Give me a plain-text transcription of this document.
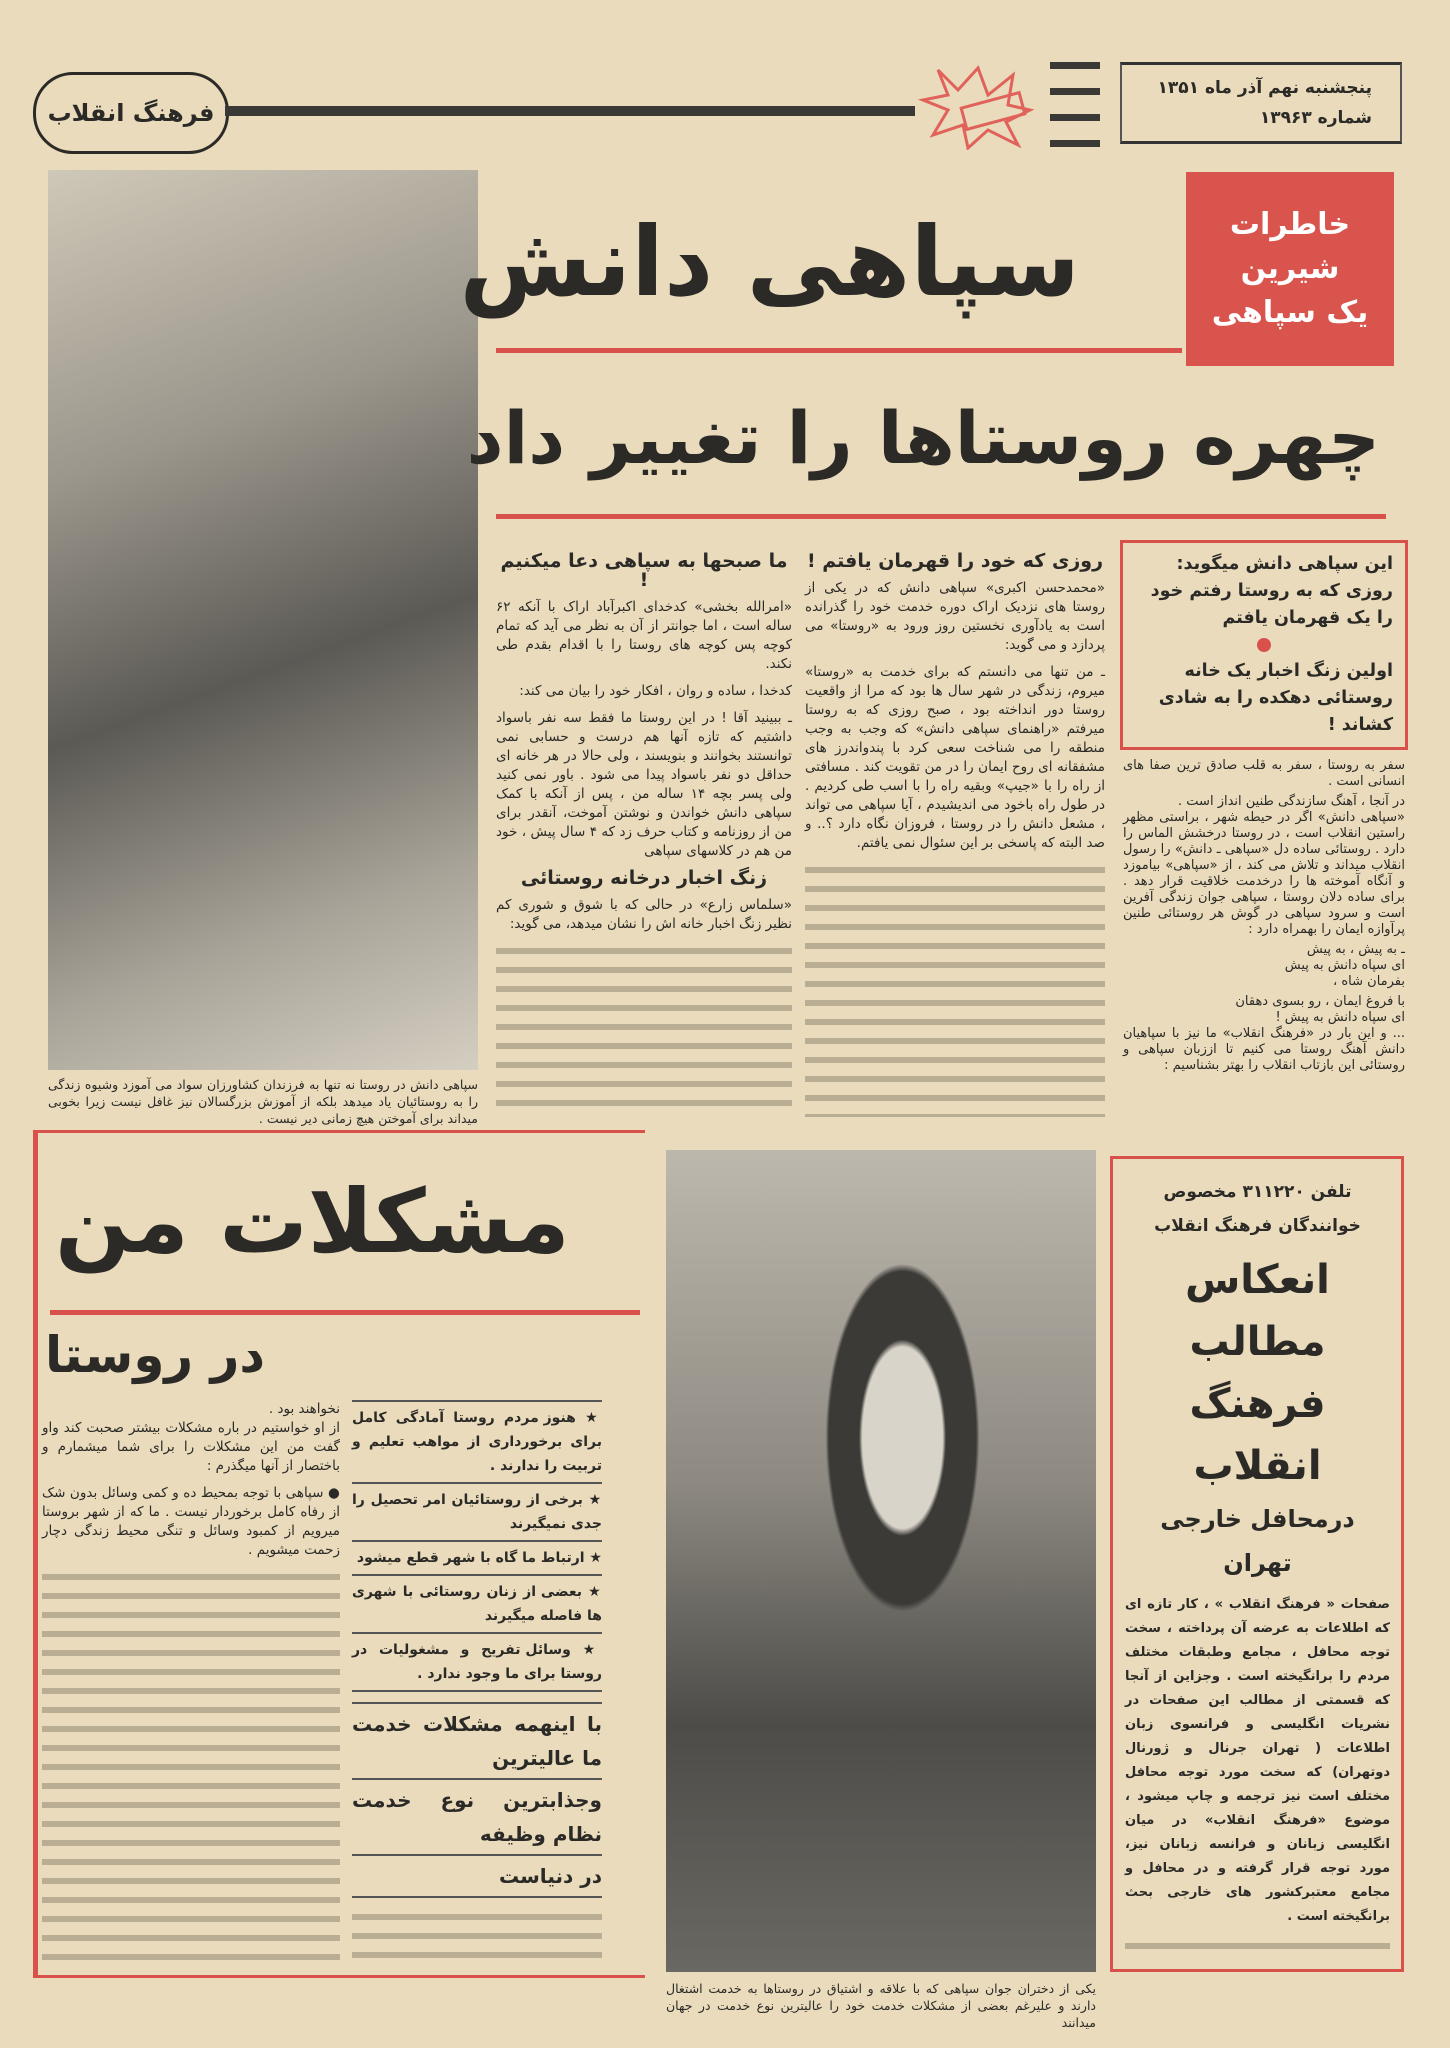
فرهنگ انقلاب
پنجشنبه نهم آذر ماه ۱۳۵۱
شماره ۱۳۹۶۳
سپاهی دانش در روستا نه تنها به فرزندان کشاورزان سواد می آموزد وشیوه زندگی را به روستائیان یاد میدهد بلکه از آموزش بزرگسالان نیز غافل نیست زیرا بخوبی میداند برای آموختن هیچ زمانی دیر نیست .
خاطرات
شیرین
یک سپاهی
سپاهی دانش
چهره روستاها را تغییر داد
روزی که خود را قهرمان یافتم !

«محمدحسن اکبری» سپاهی دانش که در یکی از روستا های نزدیک اراک دوره خدمت خود را گذرانده است به یادآوری نخستین روز ورود به «روستا» می پردازد و می گوید:

ـ من تنها می دانستم که برای خدمت به «روستا» میروم، زندگی در شهر سال ها بود که مرا از واقعیت روستا دور انداخته بود ، صبح روزی که به روستا میرفتم «راهنمای سپاهی دانش» که وجب به وجب منطقه را می شناخت سعی کرد با پندواندرز های مشفقانه ای روح ایمان را در من تقویت کند . مسافتی از راه را با «جیپ» وبقیه راه را با اسب طی کردیم . در طول راه باخود می اندیشیدم ، آیا سپاهی می تواند ، مشعل دانش را در روستا ، فروزان نگاه دارد ؟.. و صد البته که پاسخی بر این سئوال نمی یافتم.

ما صبحها به سپاهی دعا میکنیم !

«امرالله بخشی» کدخدای اکبرآباد اراک با آنکه ۶۲ ساله است ، اما جوانتر از آن به نظر می آید که تمام کوچه پس کوچه های روستا را با اقدام بقدم طی نکند.

کدخدا ، ساده و روان ، افکار خود را بیان می کند:

ـ ببینید آقا ! در این روستا ما فقط سه نفر باسواد داشتیم که تازه آنها هم درست و حسابی نمی توانستند بخوانند و بنویسند ، ولی حالا در هر خانه ای حداقل دو نفر باسواد پیدا می شود . باور نمی کنید ولی پسر بچه ۱۴ ساله من ، پس از آنکه با کمک سپاهی دانش خواندن و نوشتن آموخت، آنقدر برای من از روزنامه و کتاب حرف زد که ۴ سال پیش ، خود من هم در کلاسهای سپاهی

زنگ اخبار درخانه روستائی

«سلماس زارع» در حالی که با شوق و شوری کم نظیر زنگ اخبار خانه اش را نشان میدهد، می گوید:

این سپاهی دانش میگوید: روزی که به روستا رفتم خود را یک قهرمان یافتم
اولین زنگ اخبار یک خانه روستائی دهکده را به شادی کشاند !

سفر به روستا ، سفر به قلب صادق ترین صفا های انسانی است .

در آنجا ، آهنگ سازندگی طنین انداز است .

«سپاهی دانش» اگر در حیطه شهر ، براستی مظهر راستین انقلاب است ، در روستا درخشش الماس را دارد . روستائی ساده دل «سپاهی ـ دانش» را رسول انقلاب میداند و تلاش می کند ، از «سپاهی» بیاموزد و آنگاه آموخته ها را درخدمت خلاقیت قرار دهد . برای ساده دلان روستا ، سپاهی جوان زندگی آفرین است و سرود سپاهی در گوش هر روستائی طنین پرآوازه ایمان را بهمراه دارد :

ـ به پیش ، به پیش
ای سپاه دانش به پیش
بفرمان شاه ،
با فروغ ایمان ، رو بسوی دهقان
ای سپاه دانش به پیش !

... و این بار در «فرهنگ انقلاب» ما نیز با سپاهیان دانش آهنگ روستا می کنیم تا اززبان سپاهی و روستائی این بازتاب انقلاب را بهتر بشناسیم :

مشکلات من
در روستا

نخواهند بود .

از او خواستیم در باره مشکلات بیشتر صحبت کند واو گفت من این مشکلات را برای شما میشمارم و باختصار از آنها میگذرم :

● سپاهی با توجه بمحیط ده و کمی وسائل بدون شک از رفاه کامل برخوردار نیست . ما که از شهر بروستا میرویم از کمبود وسائل و تنگی محیط زندگی دچار زحمت میشویم .

★ هنوز مردم روستا آمادگی کامل برای برخورداری از مواهب تعلیم و تربیت را ندارند .
★ برخی از روستائیان امر تحصیل را جدی نمیگیرند
★ ارتباط ما گاه با شهر قطع میشود
★ بعضی از زنان روستائی با شهری ها فاصله میگیرند
★ وسائل تفریح و مشغولیات در روستا برای ما وجود ندارد .
با اینهمه مشکلات خدمت ما عالیترین
وجذابترین نوع خدمت نظام وظیفه
در دنیاست
یکی از دختران جوان سپاهی که با علاقه و اشتیاق در روستاها به خدمت اشتغال دارند و علیرغم بعضی از مشکلات خدمت خود را عالیترین نوع خدمت در جهان میدانند
تلفن ۳۱۱۲۲۰ مخصوص
خوانندگان فرهنگ انقلاب
انعکاس مطالب
فرهنگ انقلاب
درمحافل خارجی تهران

صفحات « فرهنگ انقلاب » ، کار تازه ای که اطلاعات به عرضه آن پرداخته ، سخت توجه محافل ، مجامع وطبقات مختلف مردم را برانگیخته است . وجزاین از آنجا که قسمتی از مطالب این صفحات در نشریات انگلیسی و فرانسوی زبان اطلاعات ( تهران جرنال و ژورنال دوتهران) که سخت مورد توجه محافل مختلف است نیز ترجمه و چاپ میشود ، موضوع «فرهنگ انقلاب» در میان انگلیسی زبانان و فرانسه زبانان نیز، مورد توجه قرار گرفته و در محافل و مجامع معتبرکشور های خارجی بحث برانگیخته است .
